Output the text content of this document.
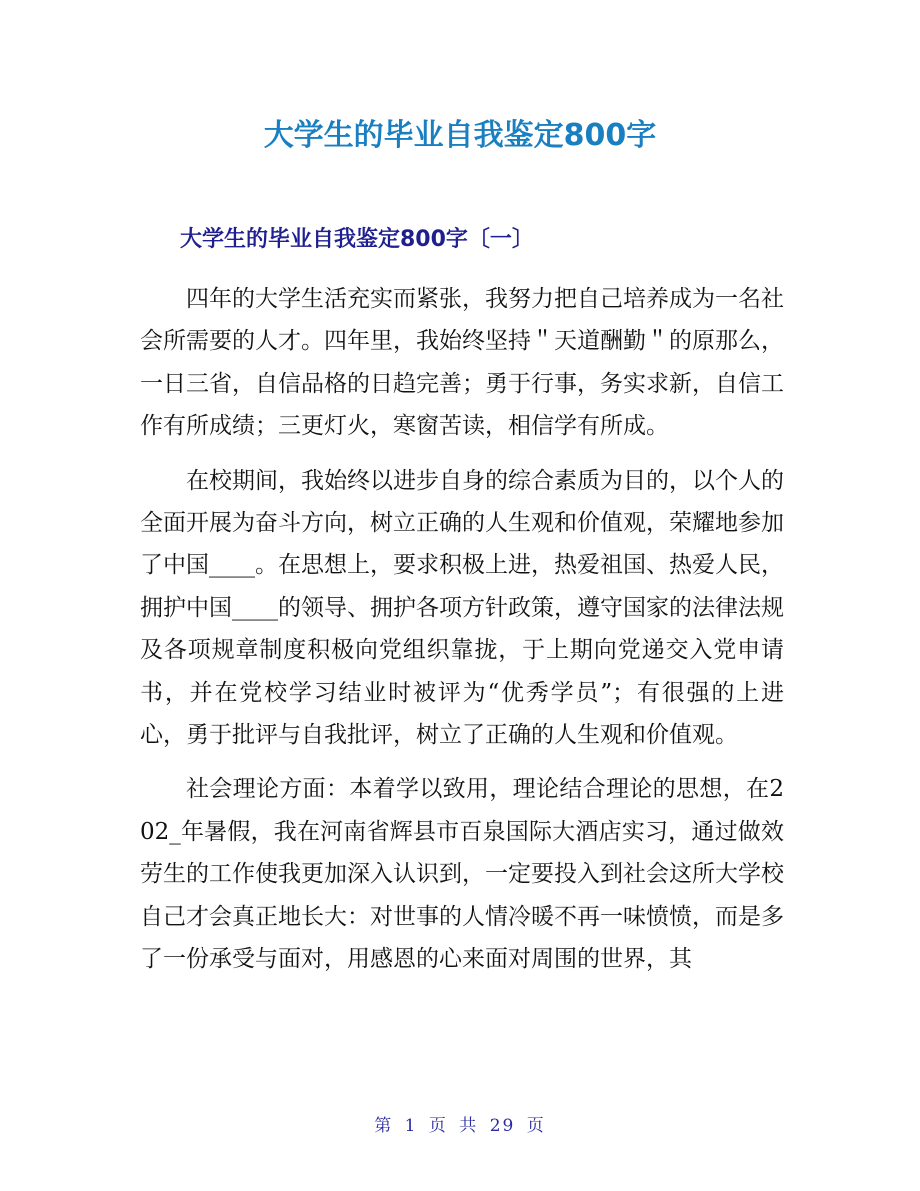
大学生的毕业自我鉴定800字
大学生的毕业自我鉴定800字〔一〕

四年的大学生活充实而紧张，我努力把自己培养成为一名社会所需要的人才。四年里，我始终坚持＂天道酬勤＂的原那么，一日三省，自信品格的日趋完善；勇于行事，务实求新，自信工作有所成绩；三更灯火，寒窗苦读，相信学有所成。

在校期间，我始终以进步自身的综合素质为目的，以个人的全面开展为奋斗方向，树立正确的人生观和价值观，荣耀地参加了中国____。在思想上，要求积极上进，热爱祖国、热爱人民，拥护中国____的领导、拥护各项方针政策，遵守国家的法律法规及各项规章制度积极向党组织靠拢，于上期向党递交入党申请书，并在党校学习结业时被评为“优秀学员”；有很强的上进心，勇于批评与自我批评，树立了正确的人生观和价值观。

社会理论方面：本着学以致用，理论结合理论的思想，在202_年暑假，我在河南省辉县市百泉国际大酒店实习，通过做效劳生的工作使我更加深入认识到，一定要投入到社会这所大学校自己才会真正地长大：对世事的人情冷暖不再一味愤愤，而是多了一份承受与面对，用感恩的心来面对周围的世界，其

第 1 页 共 29 页
